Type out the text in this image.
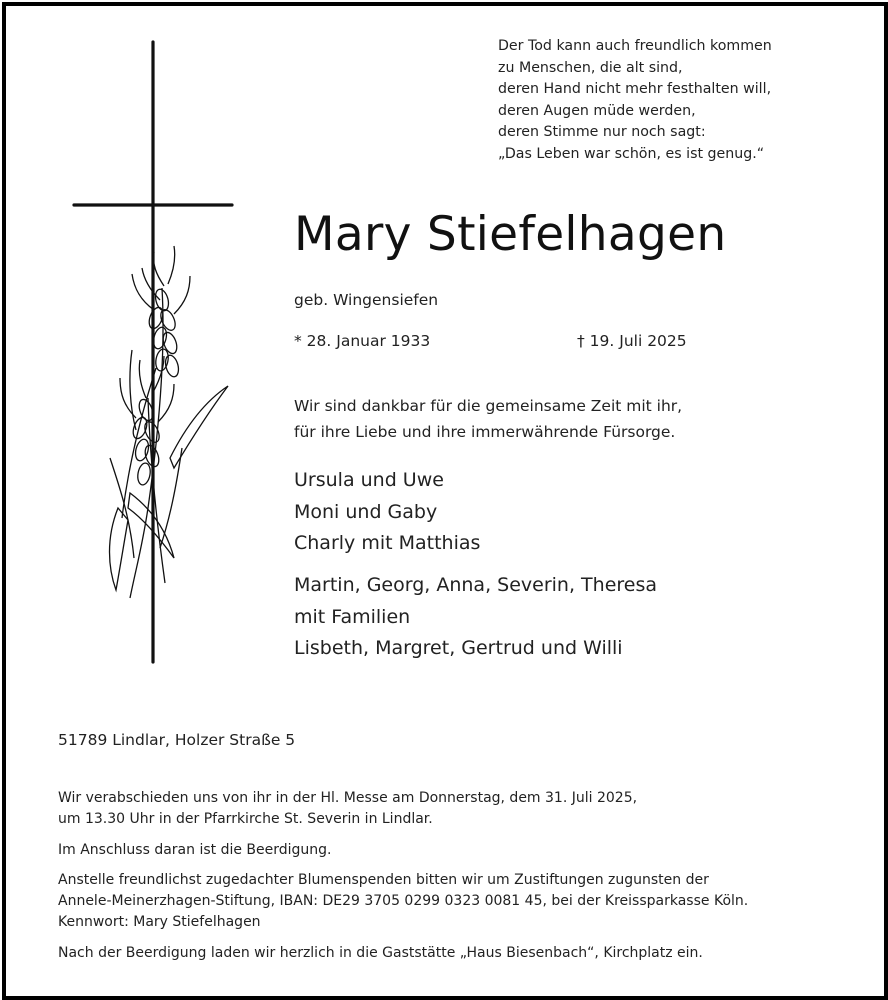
Der Tod kann auch freundlich kommen
zu Menschen, die alt sind,
deren Hand nicht mehr festhalten will,
deren Augen müde werden,
deren Stimme nur noch sagt:
„Das Leben war schön, es ist genug.“
Mary Stiefelhagen
geb. Wingensiefen
* 28. Januar 1933	† 19. Juli 2025
Wir sind dankbar für die gemeinsame Zeit mit ihr,
für ihre Liebe und ihre immerwährende Fürsorge.
Ursula und Uwe
Moni und Gaby
Charly mit Matthias
Martin, Georg, Anna, Severin, Theresa
mit Familien
Lisbeth, Margret, Gertrud und Willi
51789 Lindlar, Holzer Straße 5
Wir verabschieden uns von ihr in der Hl. Messe am Donnerstag, dem 31. Juli 2025,
um 13.30 Uhr in der Pfarrkirche St. Severin in Lindlar.
Im Anschluss daran ist die Beerdigung.
Anstelle freundlichst zugedachter Blumenspenden bitten wir um Zustiftungen zugunsten der
Annele-Meinerzhagen-Stiftung, IBAN: DE29 3705 0299 0323 0081 45, bei der Kreissparkasse Köln.
Kennwort: Mary Stiefelhagen
Nach der Beerdigung laden wir herzlich in die Gaststätte „Haus Biesenbach“, Kirchplatz ein.
